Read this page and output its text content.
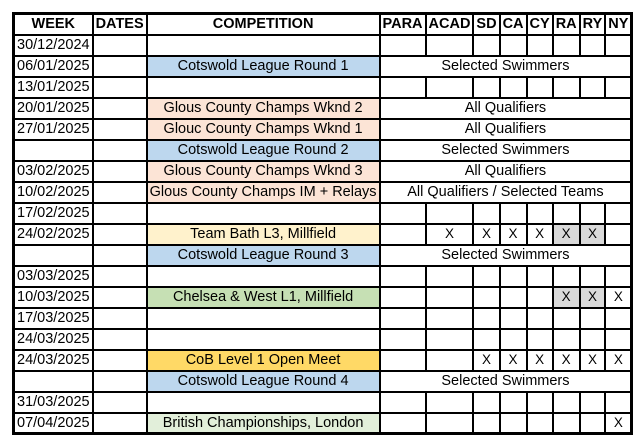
WEEK	DATES	COMPETITION	PARA	ACAD	SD	CA	CY	RA	RY	NY
30/12/2024										
06/01/2025		Cotswold League Round 1	Selected Swimmers							
13/01/2025										
20/01/2025		Glous County Champs Wknd 2	All Qualifiers							
27/01/2025		Glouc County Champs Wknd 1	All Qualifiers							
		Cotswold League Round 2	Selected Swimmers							
03/02/2025		Glous County Champs Wknd 3	All Qualifiers							
10/02/2025		Glous County Champs IM + Relays	All Qualifiers / Selected Teams							
17/02/2025										
24/02/2025		Team Bath L3, Millfield		X	X	X	X	X	X	
		Cotswold League Round 3	Selected Swimmers							
03/03/2025										
10/03/2025		Chelsea & West L1, Millfield						X	X	X
17/03/2025										
24/03/2025										
24/03/2025		CoB Level 1 Open Meet			X	X	X	X	X	X
		Cotswold League Round 4	Selected Swimmers							
31/03/2025										
07/04/2025		British Championships, London								X
